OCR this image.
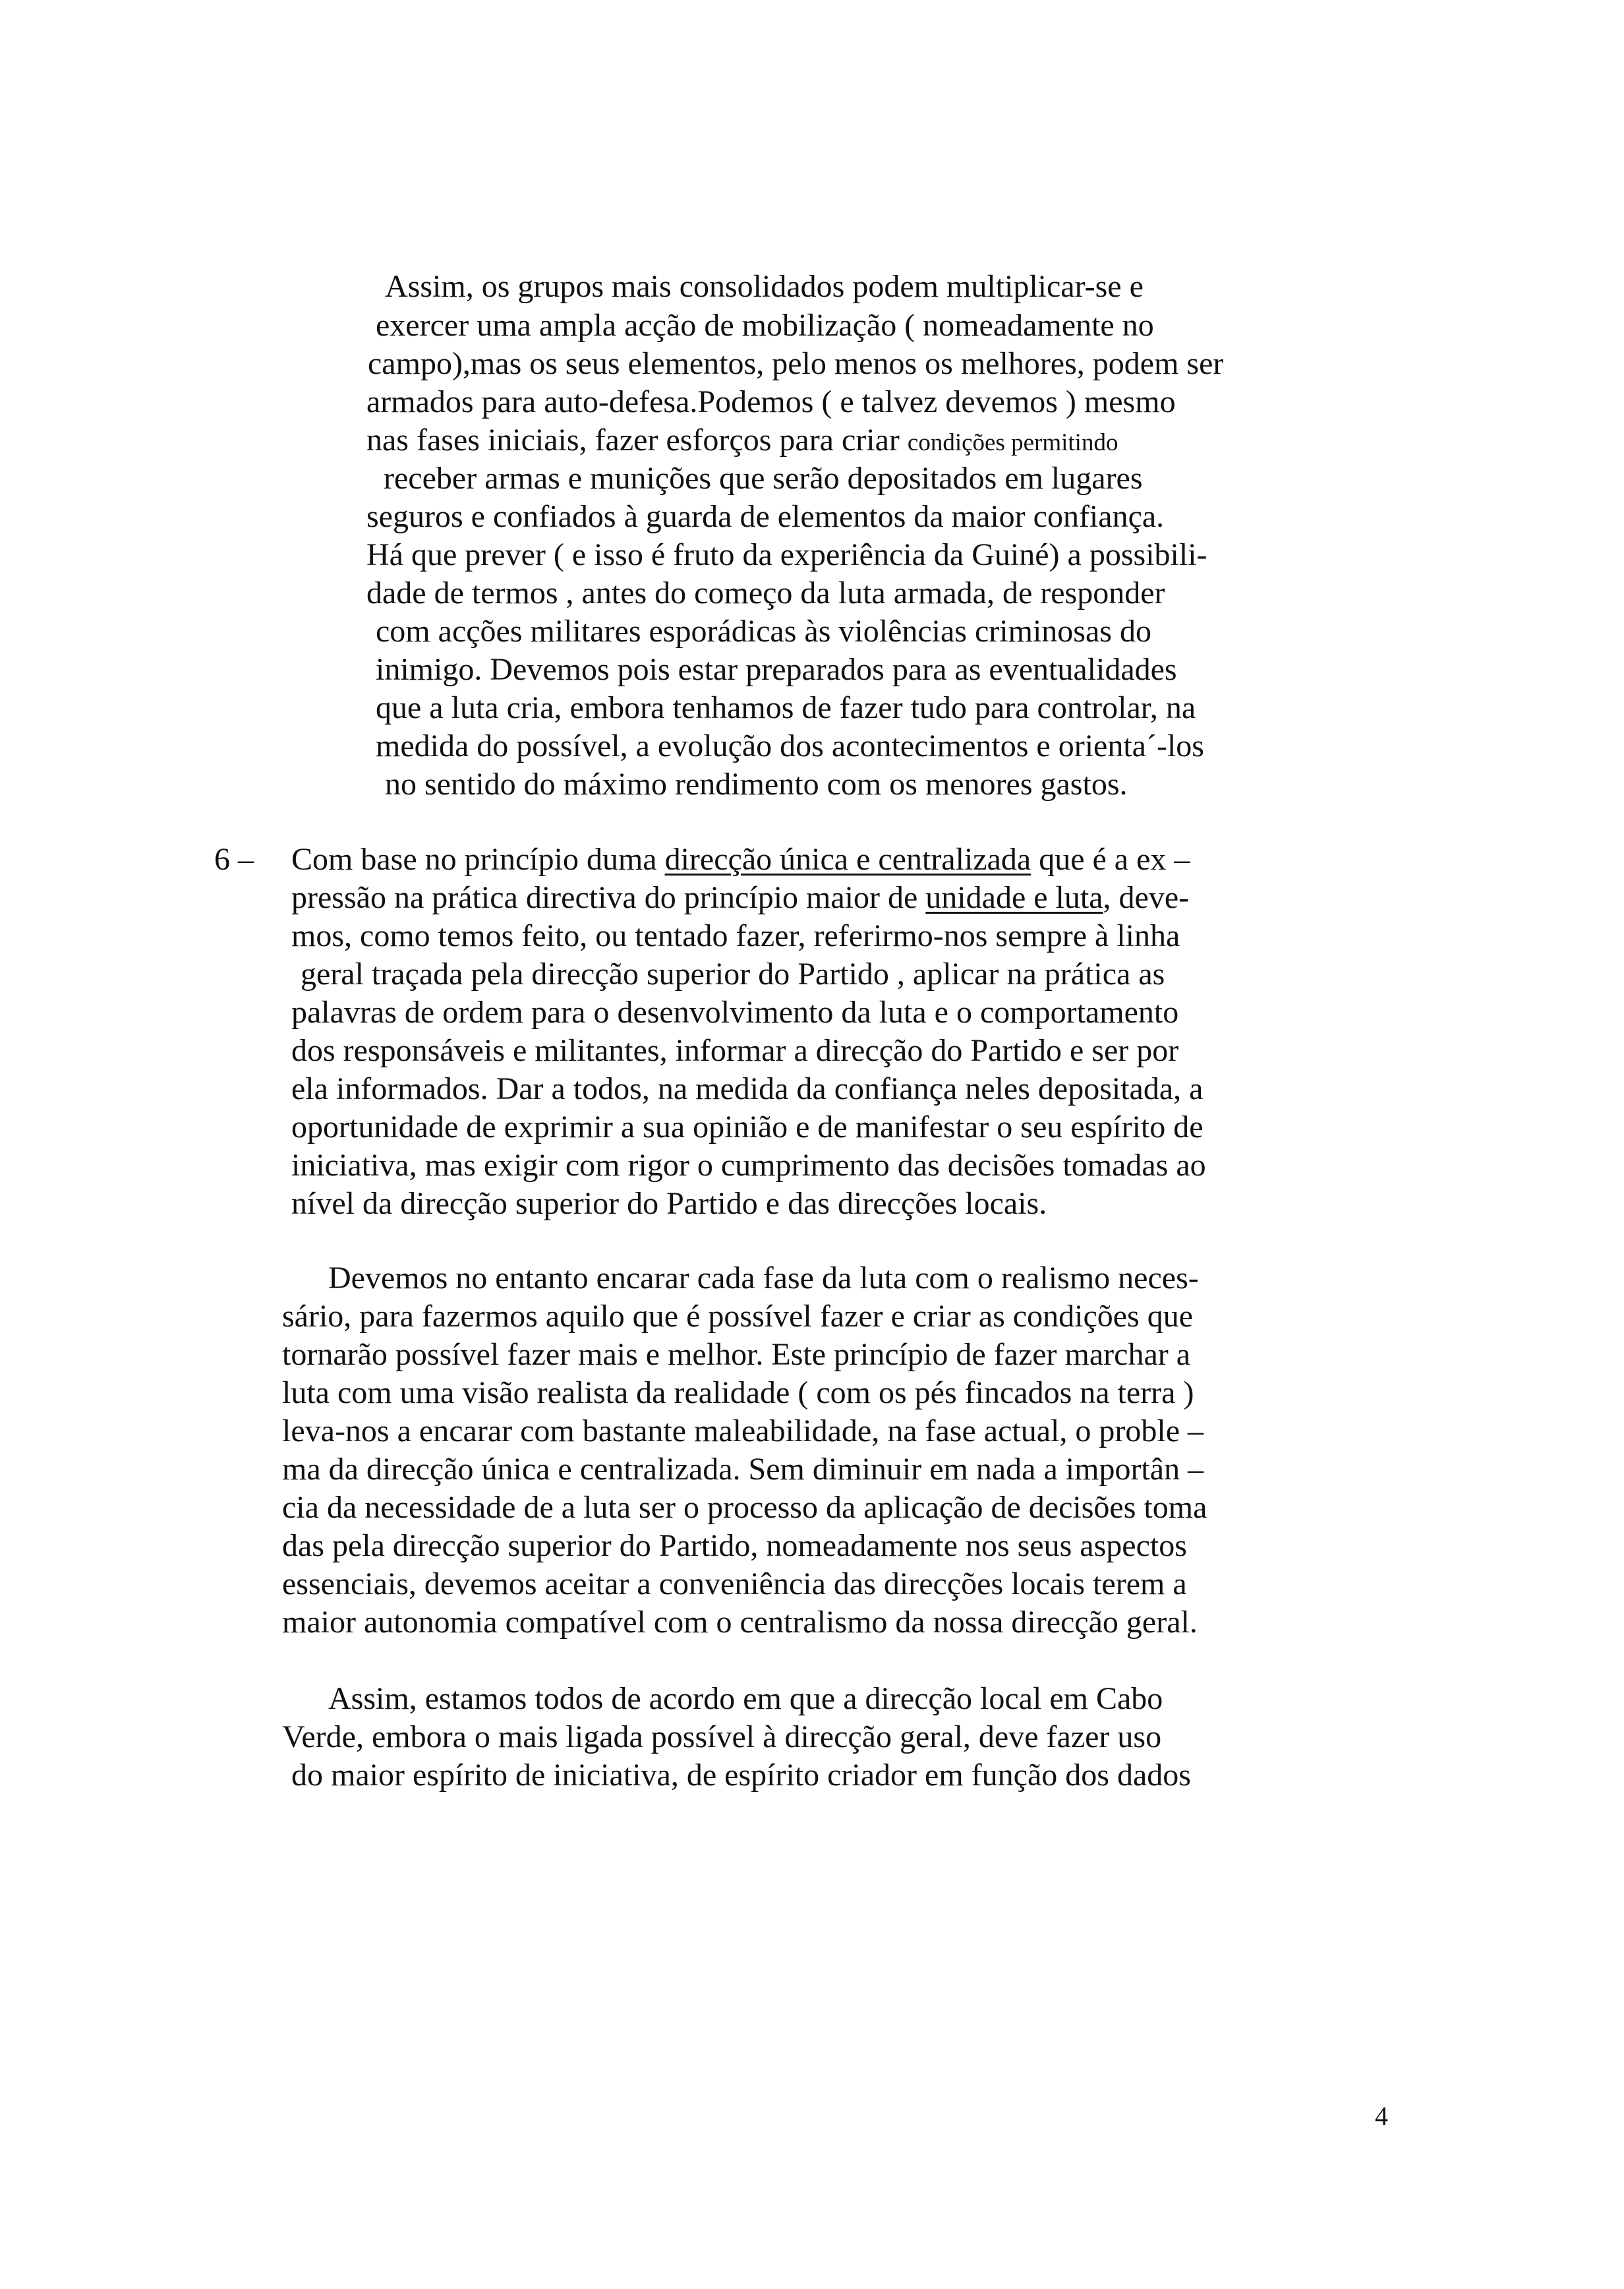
Assim, os grupos mais consolidados podem multiplicar-se e
exercer uma ampla acção de mobilização ( nomeadamente no
campo),mas os seus elementos, pelo menos os melhores, podem ser
armados para auto-defesa.Podemos ( e talvez devemos ) mesmo
nas fases iniciais, fazer esforços para criar condições permitindo
receber armas e munições que serão depositados em lugares
seguros e confiados à guarda de elementos da maior confiança.
Há que prever ( e isso é fruto da experiência da Guiné) a possibili-
dade de termos , antes do começo da luta armada, de responder
com acções militares esporádicas às violências criminosas do
inimigo. Devemos pois estar preparados para as eventualidades
que a luta cria, embora tenhamos de fazer tudo para controlar, na
medida do possível, a evolução dos acontecimentos e orienta´-los
no sentido do máximo rendimento com os menores gastos.
6 – Com base no princípio duma direcção única e centralizada que é a ex –
pressão na prática directiva do princípio maior de unidade e luta, deve-
mos, como temos feito, ou tentado fazer, referirmo-nos sempre à linha
geral traçada pela direcção superior do Partido , aplicar na prática as
palavras de ordem para o desenvolvimento da luta e o comportamento
dos responsáveis e militantes, informar a direcção do Partido e ser por
ela informados. Dar a todos, na medida da confiança neles depositada, a
oportunidade de exprimir a sua opinião e de manifestar o seu espírito de
iniciativa, mas exigir com rigor o cumprimento das decisões tomadas ao
nível da direcção superior do Partido e das direcções locais.
Devemos no entanto encarar cada fase da luta com o realismo neces-
sário, para fazermos aquilo que é possível fazer e criar as condições que
tornarão possível fazer mais e melhor. Este princípio de fazer marchar a
luta com uma visão realista da realidade ( com os pés fincados na terra )
leva-nos a encarar com bastante maleabilidade, na fase actual, o proble –
ma da direcção única e centralizada. Sem diminuir em nada a importân –
cia da necessidade de a luta ser o processo da aplicação de decisões toma
das pela direcção superior do Partido, nomeadamente nos seus aspectos
essenciais, devemos aceitar a conveniência das direcções locais terem a
maior autonomia compatível com o centralismo da nossa direcção geral.
Assim, estamos todos de acordo em que a direcção local em Cabo
Verde, embora o mais ligada possível à direcção geral, deve fazer uso
do maior espírito de iniciativa, de espírito criador em função dos dados
4
